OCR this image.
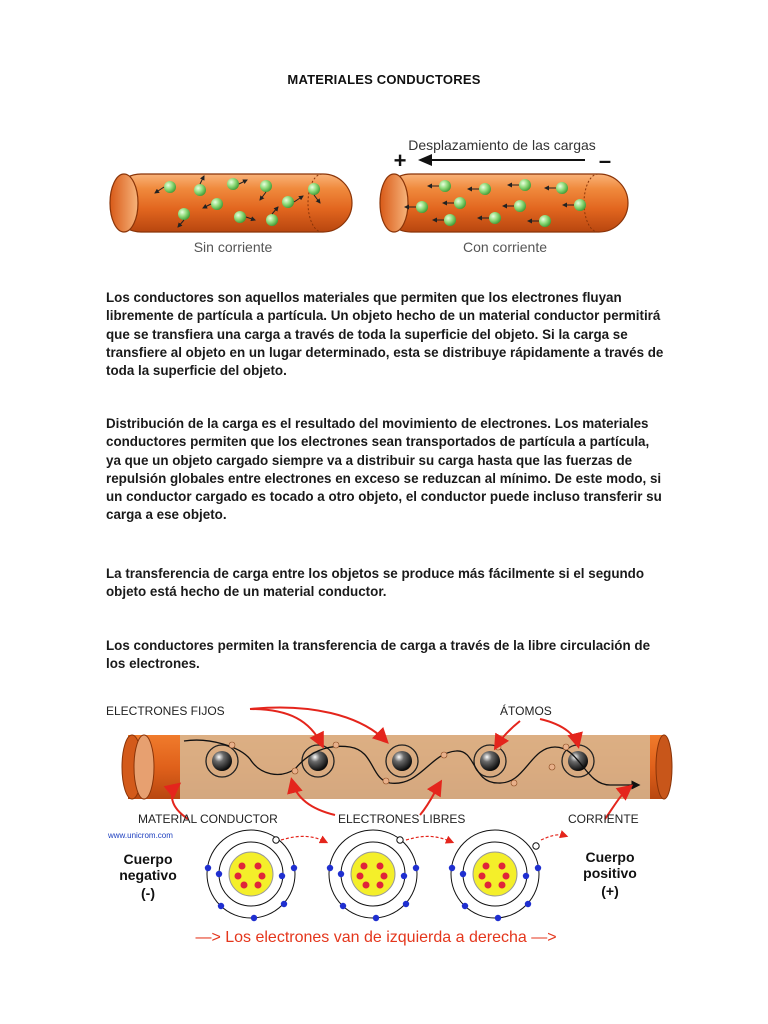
MATERIALES CONDUCTORES
Sin corriente
Desplazamiento de las cargas
+	–
Con corriente
Los conductores son aquellos materiales que permiten que los electrones fluyan libremente de partícula a partícula. Un objeto hecho de un material conductor permitirá que se transfiera una carga a través de toda la superficie del objeto. Si la carga se transfiere al objeto en un lugar determinado, esta se distribuye rápidamente a través de toda la superficie del objeto.
Distribución de la carga es el resultado del movimiento de electrones. Los materiales conductores permiten que los electrones sean transportados de partícula a partícula, ya que un objeto cargado siempre va a distribuir su carga hasta que las fuerzas de repulsión globales entre electrones en exceso se reduzcan al mínimo. De este modo, si un conductor cargado es tocado a otro objeto, el conductor puede incluso transferir su carga a ese objeto.
La transferencia de carga entre los objetos se produce más fácilmente si el segundo objeto está hecho de un material conductor.
Los conductores permiten la transferencia de carga a través de la libre circulación de los electrones.
ELECTRONES FIJOS	ÁTOMOS
MATERIAL CONDUCTOR	ELECTRONES LIBRES	CORRIENTE
www.unicrom.com
Cuerpo
negativo
(-)
Cuerpo
positivo
(+)
—> Los electrones van de izquierda a derecha —>
